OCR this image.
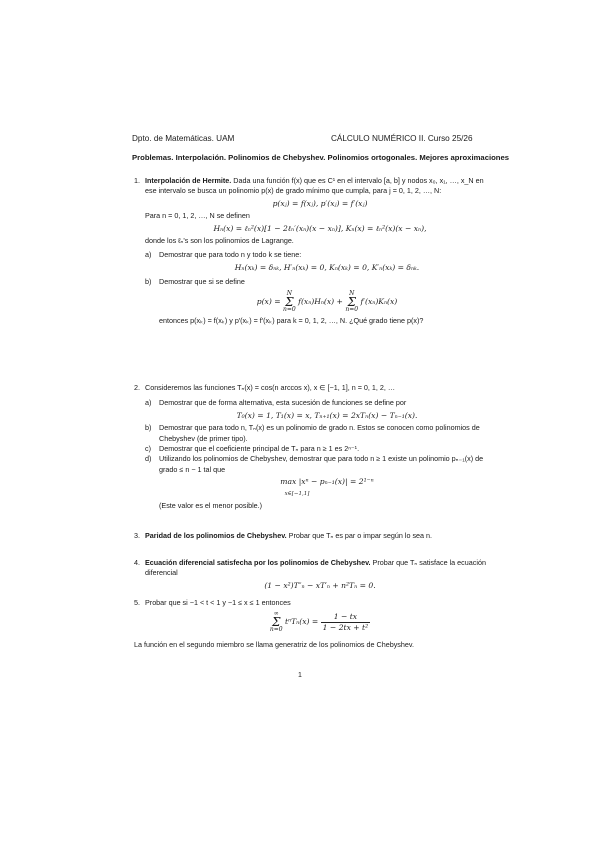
Dpto. de Matemáticas. UAM	CÁLCULO NUMÉRICO II. Curso 25/26
Problemas. Interpolación. Polinomios de Chebyshev. Polinomios ortogonales. Mejores aproximaciones
1. Interpolación de Hermite. Dada una función f(x) que es C¹ en el intervalo [a, b] y nodos x₀, x₁, …, x_N en ese intervalo se busca un polinomio p(x) de grado mínimo que cumpla, para j = 0, 1, 2, …, N:
p(xⱼ) = f(xⱼ), p′(xⱼ) = f′(xⱼ)
Para n = 0, 1, 2, …, N se definen
Hₙ(x) = ℓₙ²(x)[1 − 2ℓₙ′(xₙ)(x − xₙ)], Kₙ(x) = ℓₙ²(x)(x − xₙ),
donde los ℓₙ's son los polinomios de Lagrange.
a) Demostrar que para todo n y todo k se tiene:
Hₙ(xₖ) = δₙₖ, H′ₙ(xₖ) = 0, Kₙ(xₖ) = 0, K′ₙ(xₖ) = δₙₖ.
b) Demostrar que si se define
p(x) = N
Σ
n=0 f(xₙ)Hₙ(x) + N
Σ
n=0 f′(xₙ)Kₙ(x)
entonces p(xₖ) = f(xₖ) y p′(xₖ) = f′(xₖ) para k = 0, 1, 2, …, N. ¿Qué grado tiene p(x)?
2. Consideremos las funciones Tₙ(x) = cos(n arccos x), x ∈ [−1, 1], n = 0, 1, 2, …
a) Demostrar que de forma alternativa, esta sucesión de funciones se define por
T₀(x) = 1, T₁(x) = x, Tₙ₊₁(x) = 2xTₙ(x) − Tₙ₋₁(x).
b) Demostrar que para todo n, Tₙ(x) es un polinomio de grado n. Estos se conocen como polinomios de Chebyshev (de primer tipo).
c) Demostrar que el coeficiente principal de Tₙ para n ≥ 1 es 2ⁿ⁻¹.
d) Utilizando los polinomios de Chebyshev, demostrar que para todo n ≥ 1 existe un polinomio pₙ₋₁(x) de grado ≤ n − 1 tal que
max |xⁿ − pₙ₋₁(x)| = 2¹⁻ⁿ
x∈[−1,1]
(Este valor es el menor posible.)
3. Paridad de los polinomios de Chebyshev. Probar que Tₙ es par o impar según lo sea n.
4. Ecuación diferencial satisfecha por los polinomios de Chebyshev. Probar que Tₙ satisface la ecuación diferencial
(1 − x²)T″ₙ − xT′ₙ + n²Tₙ = 0.
5. Probar que si −1 < t < 1 y −1 ≤ x ≤ 1 entonces
∞
Σ
n=0 $t^nT_n(x) = \frac{1 - tx}{\text{1 − 2tx + t²}}$
La función en el segundo miembro se llama generatriz de los polinomios de Chebyshev.
1
